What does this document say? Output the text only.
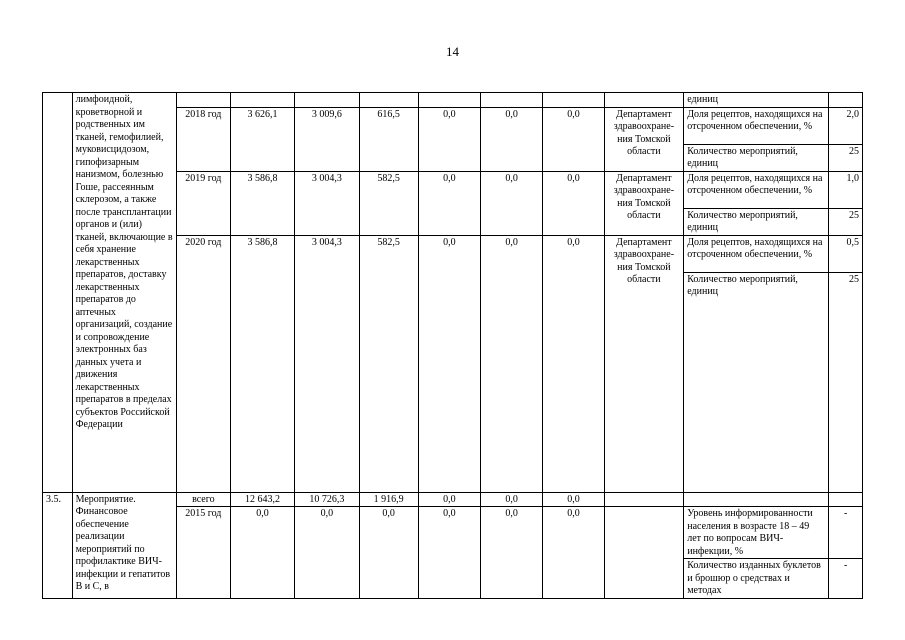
14
	лимфоидной, кроветворной и родственных им тканей, гемофилией, муковисцидозом, гипофизарным нанизмом, болезнью Гоше, рассеянным склерозом, а также после трансплантации органов и (или) тканей, включающие в себя хранение лекарственных препаратов, доставку лекарственных препаратов до аптечных организаций, создание и сопровождение электронных баз данных учета и движения лекарственных препаратов в пределах субъектов Российской Федерации									единиц	
		2018 год	3 626,1	3 009,6	616,5	0,0	0,0	0,0	Департамент здравоохране-ния Томской области	Доля рецептов, находящихся на отсроченном обеспечении, %	2,0
										Количество мероприятий, единиц	25
		2019 год	3 586,8	3 004,3	582,5	0,0	0,0	0,0	Департамент здравоохране-ния Томской области	Доля рецептов, находящихся на отсроченном обеспечении, %	1,0
										Количество мероприятий, единиц	25
		2020 год	3 586,8	3 004,3	582,5	0,0	0,0	0,0	Департамент здравоохране-ния Томской области	Доля рецептов, находящихся на отсроченном обеспечении, %	0,5
										Количество мероприятий, единиц	25
3.5.	Мероприятие. Финансовое обеспечение реализации мероприятий по профилактике ВИЧ-инфекции и гепатитов В и С, в	всего	12 643,2	10 726,3	1 916,9	0,0	0,0	0,0			
		2015 год	0,0	0,0	0,0	0,0	0,0	0,0		Уровень информированности населения в возрасте 18 – 49 лет по вопросам ВИЧ-инфекции, %	-
										Количество изданных буклетов и брошюр о средствах и методах	-
